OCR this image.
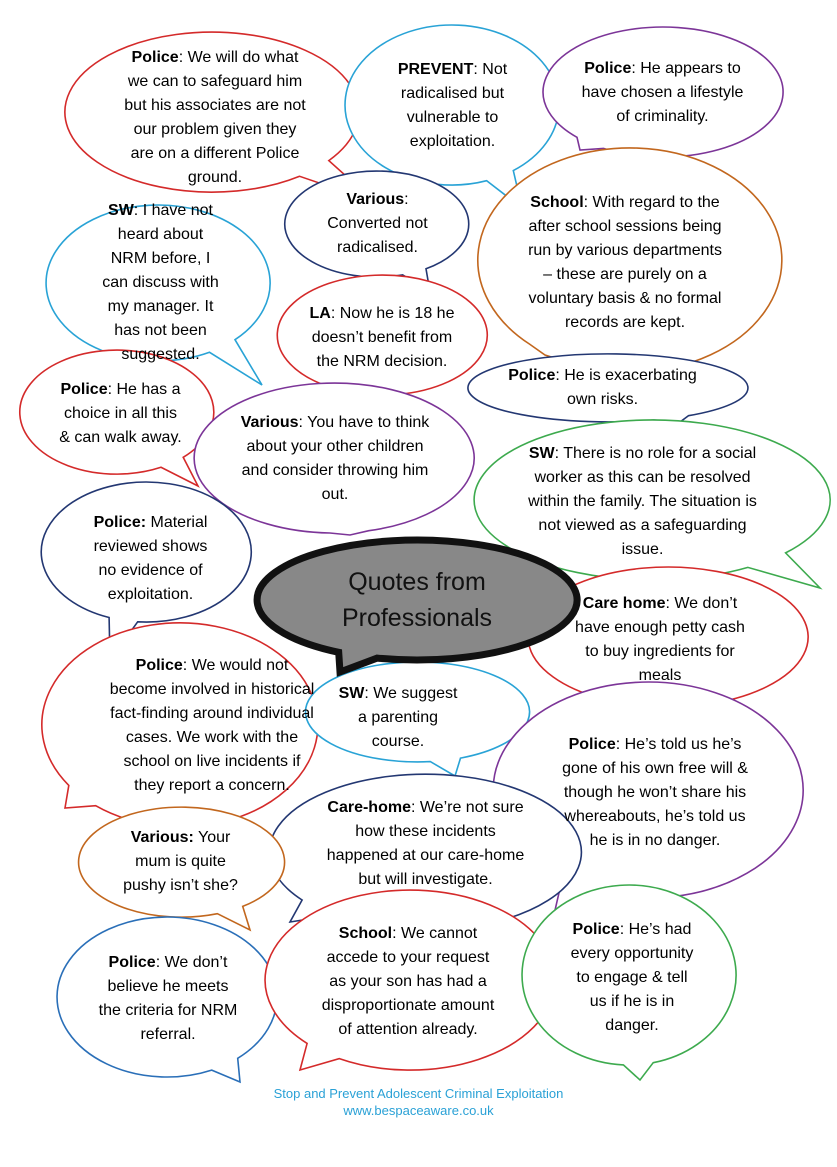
Police: We will do what we can to safeguard him but his associates are not our problem given they are on a different Police ground.

PREVENT: Not radicalised but vulnerable to exploitation.

Police: He appears to have chosen a lifestyle of criminality.

Various: Converted not radicalised.

SW: I have not heard about NRM before, I can discuss with my manager. It has not been suggested.

School: With regard to the after school sessions being run by various departments – these are purely on a voluntary basis & no formal records are kept.

LA: Now he is 18 he doesn’t benefit from the NRM decision.

Police: He is exacerbating own risks.

Police: He has a choice in all this & can walk away.

Various: You have to think about your other children and consider throwing him out.

SW: There is no role for a social worker as this can be resolved within the family. The situation is not viewed as a safeguarding issue.

Police: Material reviewed shows no evidence of exploitation.

Care home: We don’t have enough petty cash to buy ingredients for meals

Police: We would not become involved in historical fact-finding around individual cases. We work with the school on live incidents if they report a concern.

SW: We suggest a parenting course.	Police: He’s told us he’s gone of his own free will & though he won’t share his whereabouts, he’s told us he is in no danger.

Care-home: We’re not sure how these incidents happened at our care-home but will investigate.

Various: Your mum is quite pushy isn’t she?

Police: We don’t believe he meets the criteria for NRM referral.

School: We cannot accede to your request as your son has had a disproportionate amount of attention already.

Police: He’s had every opportunity to engage & tell us if he is in danger.

Quotes from
Professionals
Stop and Prevent Adolescent Criminal Exploitation
www.bespaceaware.co.uk
